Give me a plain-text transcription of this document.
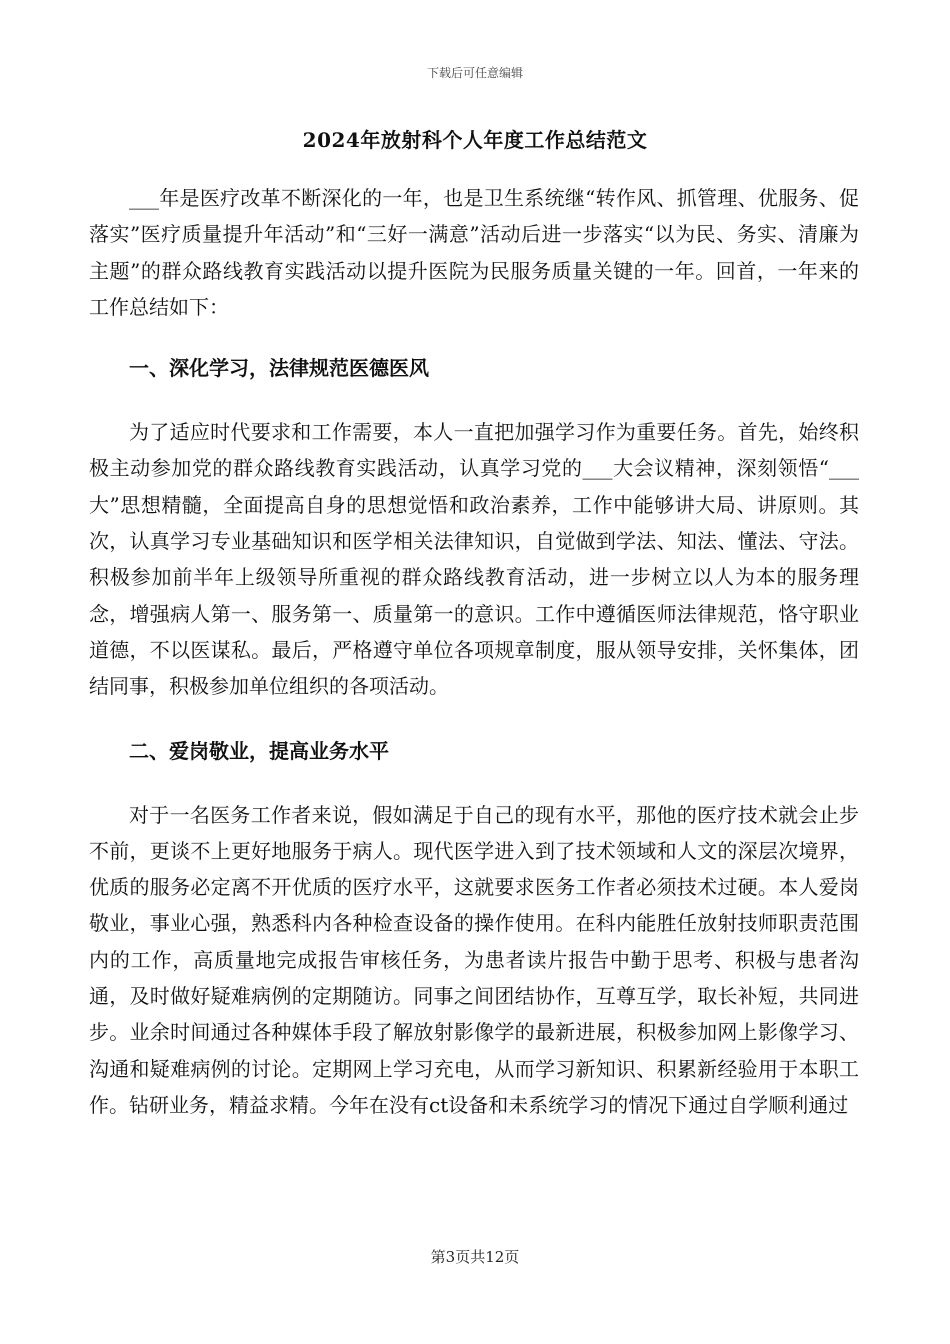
下载后可任意编辑
2024年放射科个人年度工作总结范文

___年是医疗改革不断深化的一年，也是卫生系统继“转作风、抓管理、优服务、促落实”医疗质量提升年活动”和“三好一满意”活动后进一步落实“以为民、务实、清廉为主题”的群众路线教育实践活动以提升医院为民服务质量关键的一年。回首，一年来的工作总结如下：

一、深化学习，法律规范医德医风

为了适应时代要求和工作需要，本人一直把加强学习作为重要任务。首先，始终积极主动参加党的群众路线教育实践活动，认真学习党的___大会议精神，深刻领悟“___大”思想精髓，全面提高自身的思想觉悟和政治素养，工作中能够讲大局、讲原则。其次，认真学习专业基础知识和医学相关法律知识，自觉做到学法、知法、懂法、守法。积极参加前半年上级领导所重视的群众路线教育活动，进一步树立以人为本的服务理念，增强病人第一、服务第一、质量第一的意识。工作中遵循医师法律规范，恪守职业道德，不以医谋私。最后，严格遵守单位各项规章制度，服从领导安排，关怀集体，团结同事，积极参加单位组织的各项活动。

二、爱岗敬业，提高业务水平

对于一名医务工作者来说，假如满足于自己的现有水平，那他的医疗技术就会止步不前，更谈不上更好地服务于病人。现代医学进入到了技术领域和人文的深层次境界，优质的服务必定离不开优质的医疗水平，这就要求医务工作者必须技术过硬。本人爱岗敬业，事业心强，熟悉科内各种检查设备的操作使用。在科内能胜任放射技师职责范围内的工作，高质量地完成报告审核任务，为患者读片报告中勤于思考、积极与患者沟通，及时做好疑难病例的定期随访。同事之间团结协作，互尊互学，取长补短，共同进步。业余时间通过各种媒体手段了解放射影像学的最新进展，积极参加网上影像学习、沟通和疑难病例的讨论。定期网上学习充电，从而学习新知识、积累新经验用于本职工作。钻研业务，精益求精。今年在没有ct设备和未系统学习的情况下通过自学顺利通过

第3页共12页
